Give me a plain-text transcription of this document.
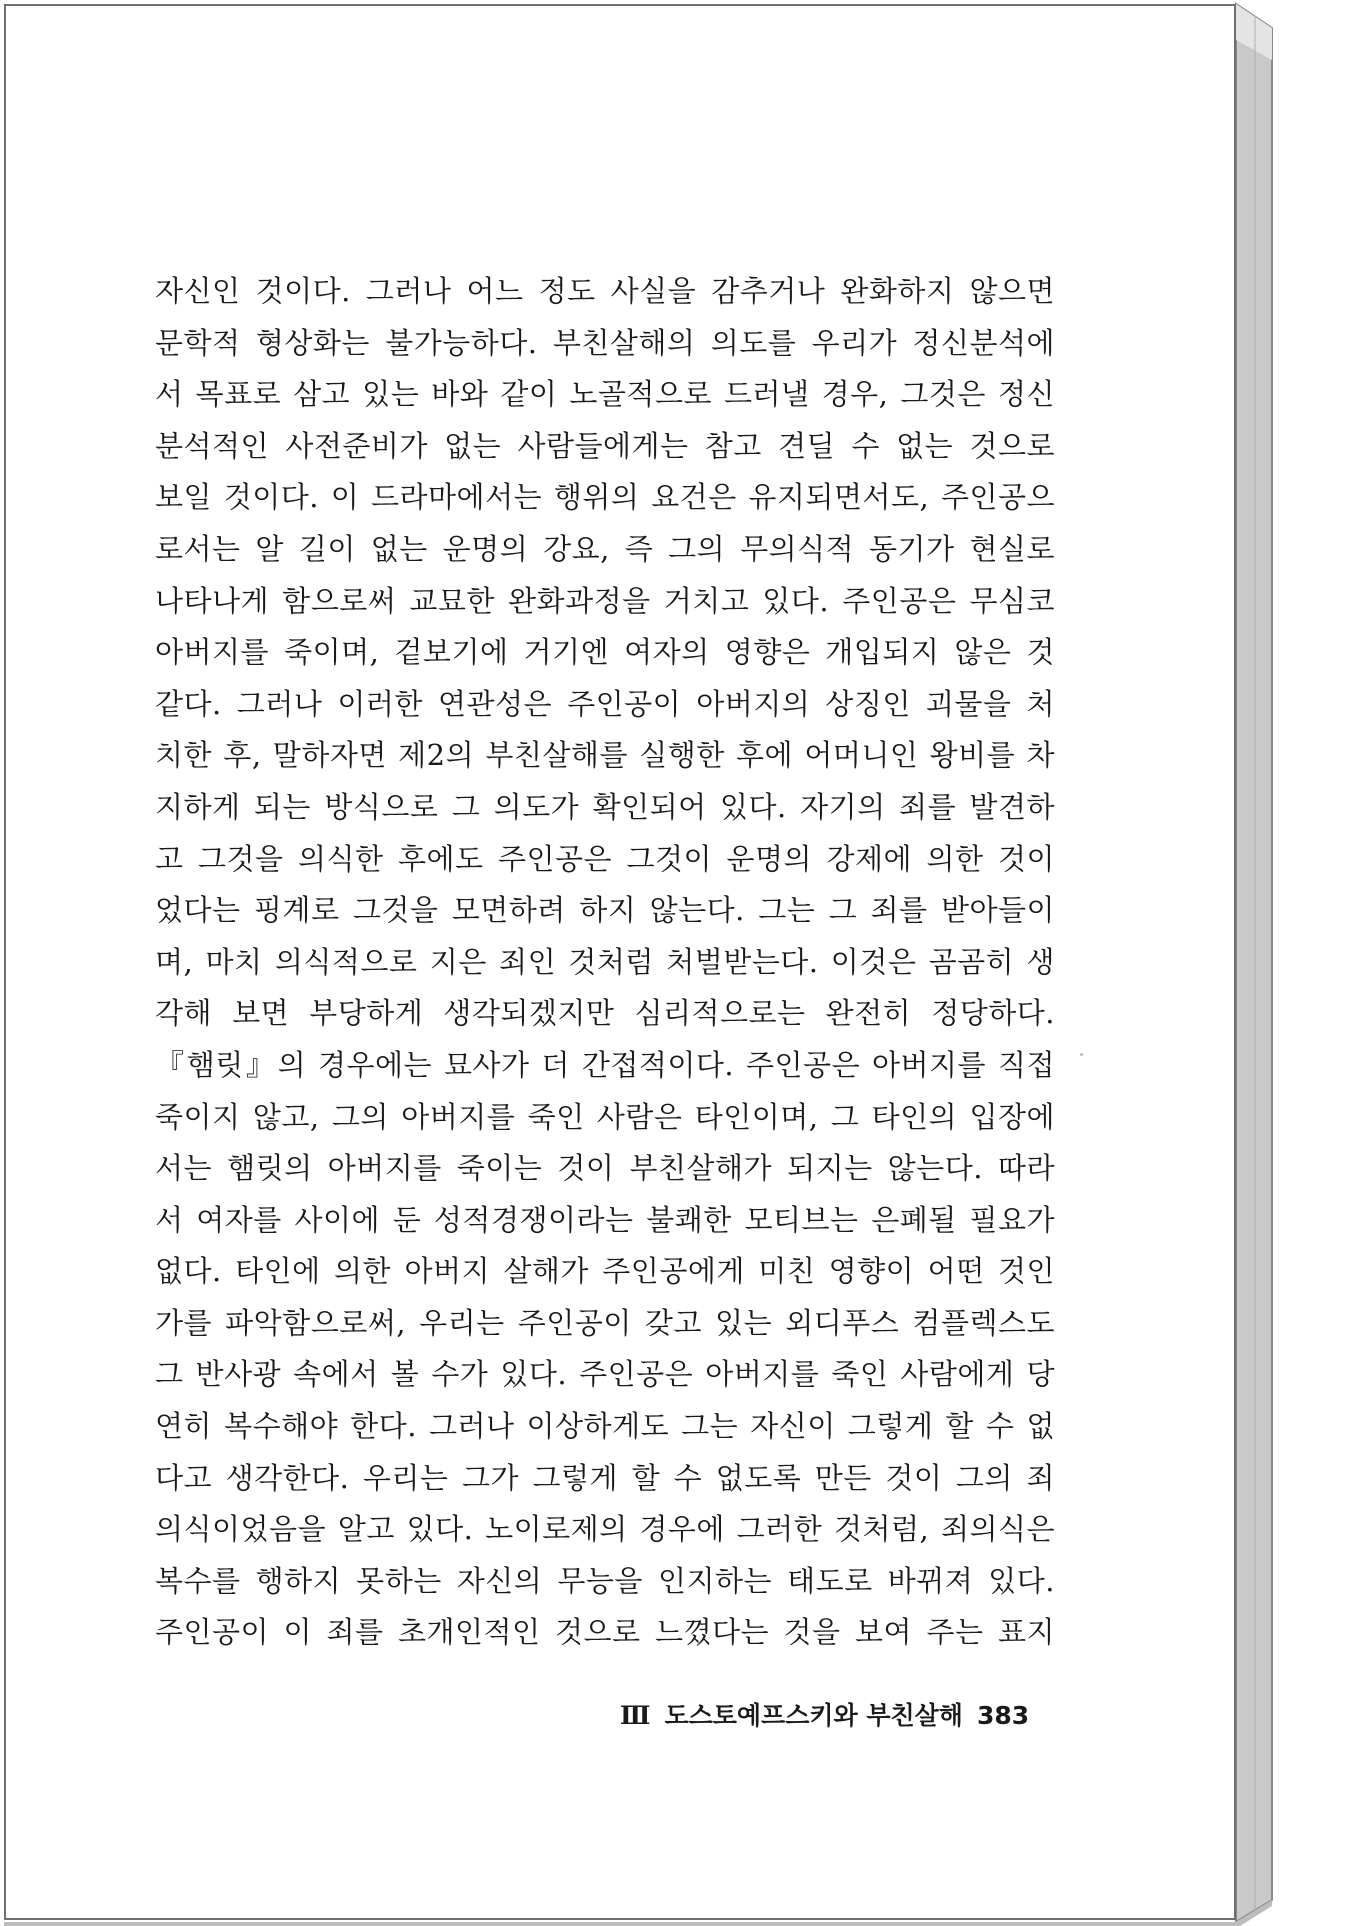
자신인 것이다. 그러나 어느 정도 사실을 감추거나 완화하지 않으면
문학적 형상화는 불가능하다. 부친살해의 의도를 우리가 정신분석에
서 목표로 삼고 있는 바와 같이 노골적으로 드러낼 경우, 그것은 정신
분석적인 사전준비가 없는 사람들에게는 참고 견딜 수 없는 것으로
보일 것이다. 이 드라마에서는 행위의 요건은 유지되면서도, 주인공으
로서는 알 길이 없는 운명의 강요, 즉 그의 무의식적 동기가 현실로
나타나게 함으로써 교묘한 완화과정을 거치고 있다. 주인공은 무심코
아버지를 죽이며, 겉보기에 거기엔 여자의 영향은 개입되지 않은 것
같다. 그러나 이러한 연관성은 주인공이 아버지의 상징인 괴물을 처
치한 후, 말하자면 제2의 부친살해를 실행한 후에 어머니인 왕비를 차
지하게 되는 방식으로 그 의도가 확인되어 있다. 자기의 죄를 발견하
고 그것을 의식한 후에도 주인공은 그것이 운명의 강제에 의한 것이
었다는 핑계로 그것을 모면하려 하지 않는다. 그는 그 죄를 받아들이
며, 마치 의식적으로 지은 죄인 것처럼 처벌받는다. 이것은 곰곰히 생
각해 보면 부당하게 생각되겠지만 심리적으로는 완전히 정당하다.
『햄릿』의 경우에는 묘사가 더 간접적이다. 주인공은 아버지를 직접
죽이지 않고, 그의 아버지를 죽인 사람은 타인이며, 그 타인의 입장에
서는 햄릿의 아버지를 죽이는 것이 부친살해가 되지는 않는다. 따라
서 여자를 사이에 둔 성적경쟁이라는 불쾌한 모티브는 은폐될 필요가
없다. 타인에 의한 아버지 살해가 주인공에게 미친 영향이 어떤 것인
가를 파악함으로써, 우리는 주인공이 갖고 있는 외디푸스 컴플렉스도
그 반사광 속에서 볼 수가 있다. 주인공은 아버지를 죽인 사람에게 당
연히 복수해야 한다. 그러나 이상하게도 그는 자신이 그렇게 할 수 없
다고 생각한다. 우리는 그가 그렇게 할 수 없도록 만든 것이 그의 죄
의식이었음을 알고 있다. 노이로제의 경우에 그러한 것처럼, 죄의식은
복수를 행하지 못하는 자신의 무능을 인지하는 태도로 바뀌져 있다.
주인공이 이 죄를 초개인적인 것으로 느꼈다는 것을 보여 주는 표지
Ⅲ 도스토예프스키와 부친살해 383
